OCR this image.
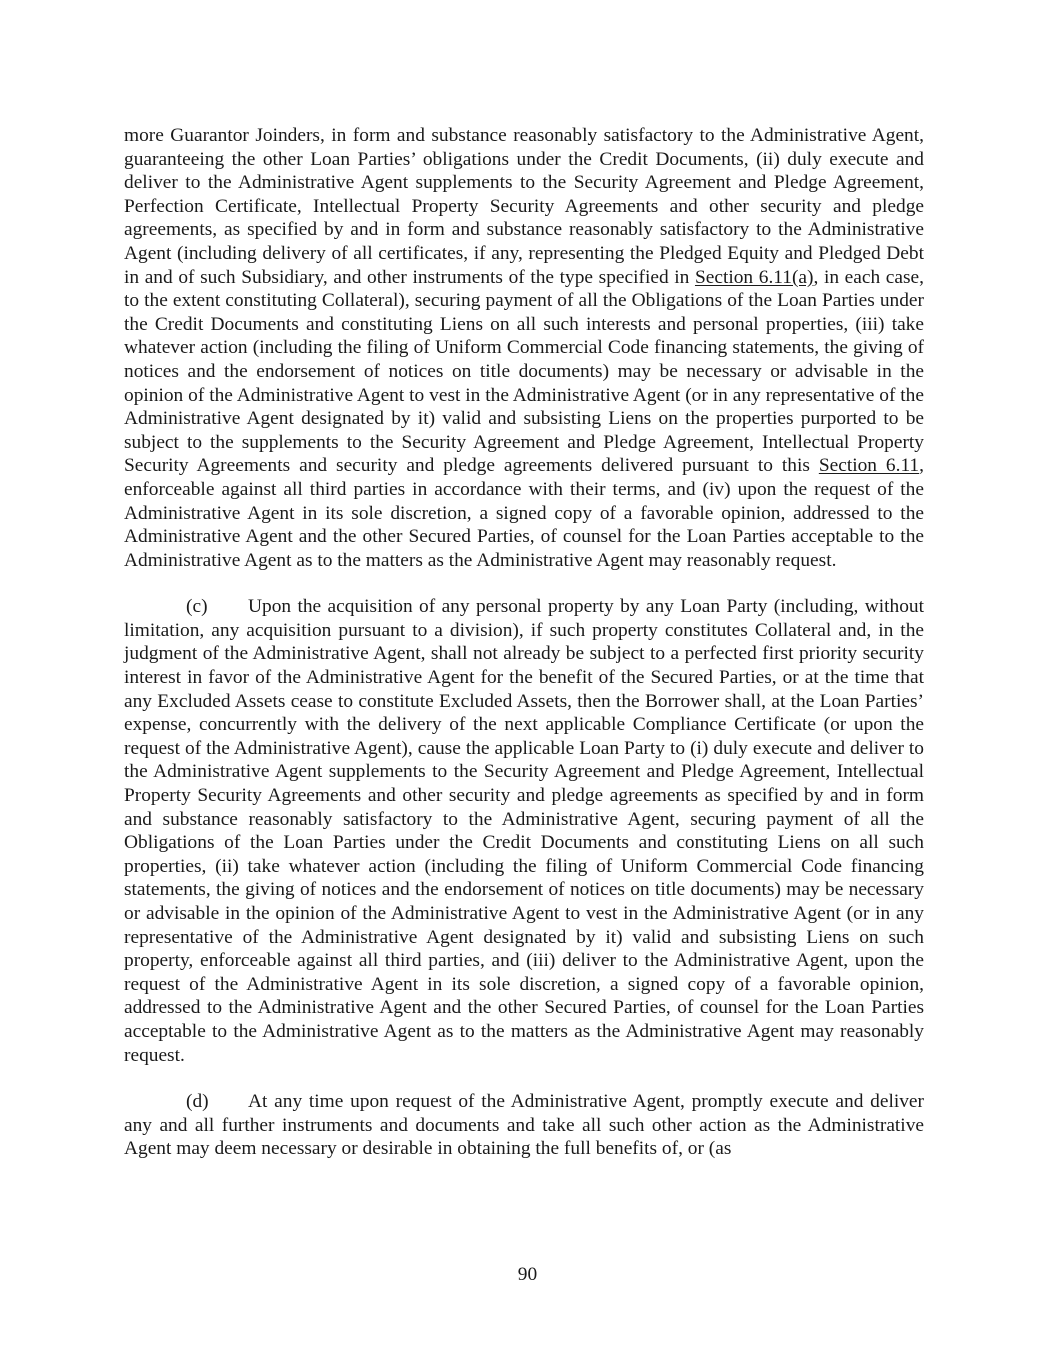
more Guarantor Joinders, in form and substance reasonably satisfactory to the Administrative Agent, guaranteeing the other Loan Parties’ obligations under the Credit Documents, (ii) duly execute and deliver to the Administrative Agent supplements to the Security Agreement and Pledge Agreement, Perfection Certificate, Intellectual Property Security Agreements and other security and pledge agreements, as specified by and in form and substance reasonably satisfactory to the Administrative Agent (including delivery of all certificates, if any, representing the Pledged Equity and Pledged Debt in and of such Subsidiary, and other instruments of the type specified in Section 6.11(a), in each case, to the extent constituting Collateral), securing payment of all the Obligations of the Loan Parties under the Credit Documents and constituting Liens on all such interests and personal properties, (iii) take whatever action (including the filing of Uniform Commercial Code financing statements, the giving of notices and the endorsement of notices on title documents) may be necessary or advisable in the opinion of the Administrative Agent to vest in the Administrative Agent (or in any representative of the Administrative Agent designated by it) valid and subsisting Liens on the properties purported to be subject to the supplements to the Security Agreement and Pledge Agreement, Intellectual Property Security Agreements and security and pledge agreements delivered pursuant to this Section 6.11, enforceable against all third parties in accordance with their terms, and (iv) upon the request of the Administrative Agent in its sole discretion, a signed copy of a favorable opinion, addressed to the Administrative Agent and the other Secured Parties, of counsel for the Loan Parties acceptable to the Administrative Agent as to the matters as the Administrative Agent may reasonably request.

(c) Upon the acquisition of any personal property by any Loan Party (including, without limitation, any acquisition pursuant to a division), if such property constitutes Collateral and, in the judgment of the Administrative Agent, shall not already be subject to a perfected first priority security interest in favor of the Administrative Agent for the benefit of the Secured Parties, or at the time that any Excluded Assets cease to constitute Excluded Assets, then the Borrower shall, at the Loan Parties’ expense, concurrently with the delivery of the next applicable Compliance Certificate (or upon the request of the Administrative Agent), cause the applicable Loan Party to (i) duly execute and deliver to the Administrative Agent supplements to the Security Agreement and Pledge Agreement, Intellectual Property Security Agreements and other security and pledge agreements as specified by and in form and substance reasonably satisfactory to the Administrative Agent, securing payment of all the Obligations of the Loan Parties under the Credit Documents and constituting Liens on all such properties, (ii) take whatever action (including the filing of Uniform Commercial Code financing statements, the giving of notices and the endorsement of notices on title documents) may be necessary or advisable in the opinion of the Administrative Agent to vest in the Administrative Agent (or in any representative of the Administrative Agent designated by it) valid and subsisting Liens on such property, enforceable against all third parties, and (iii) deliver to the Administrative Agent, upon the request of the Administrative Agent in its sole discretion, a signed copy of a favorable opinion, addressed to the Administrative Agent and the other Secured Parties, of counsel for the Loan Parties acceptable to the Administrative Agent as to the matters as the Administrative Agent may reasonably request.

(d) At any time upon request of the Administrative Agent, promptly execute and deliver any and all further instruments and documents and take all such other action as the Administrative Agent may deem necessary or desirable in obtaining the full benefits of, or (as

90
